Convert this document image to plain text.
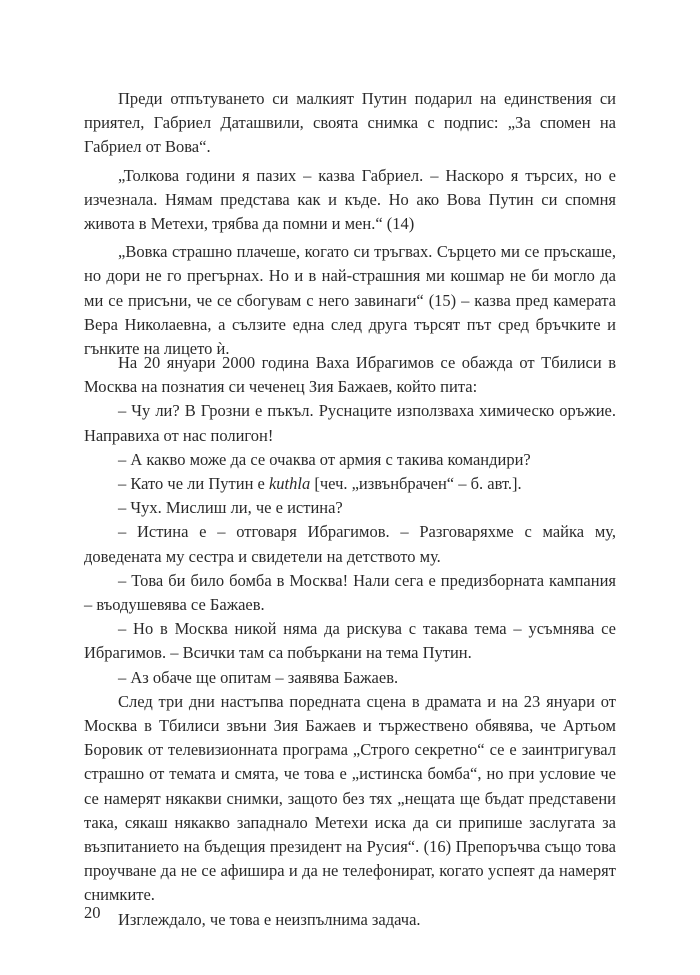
Преди отпътуването си малкият Путин подарил на единствения си приятел, Габриел Даташвили, своята снимка с подпис: „За спомен на Габриел от Вова“.

„Толкова години я пазих – казва Габриел. – Наскоро я търсих, но е изчезнала. Нямам представа как и къде. Но ако Вова Путин си спомня живота в Метехи, трябва да помни и мен.“ (14)

„Вовка страшно плачеше, когато си тръгвах. Сърцето ми се пръскаше, но дори не го прегърнах. Но и в най-страшния ми кошмар не би могло да ми се присъни, че се сбогувам с него завинаги“ (15) – казва пред камерата Вера Николаевна, а сълзите една след друга търсят път сред бръчките и гънките на лицето ѝ.

На 20 януари 2000 година Ваха Ибрагимов се обажда от Тбилиси в Москва на познатия си чеченец Зия Бажаев, който пита:

– Чу ли? В Грозни е пъкъл. Руснаците използваха химическо оръжие. Направиха от нас полигон!

– А какво може да се очаква от армия с такива командири?

– Като че ли Путин е kuthla [чеч. „извънбрачен“ – б. авт.].

– Чух. Мислиш ли, че е истина?

– Истина е – отговаря Ибрагимов. – Разговаряхме с майка му, доведената му сестра и свидетели на детството му.

– Това би било бомба в Москва! Нали сега е предизборната кампания – въодушевява се Бажаев.

– Но в Москва никой няма да рискува с такава тема – усъмнява се Ибрагимов. – Всички там са побъркани на тема Путин.

– Аз обаче ще опитам – заявява Бажаев.

След три дни настъпва поредната сцена в драмата и на 23 януари от Москва в Тбилиси звъни Зия Бажаев и тържествено обявява, че Артьом Боровик от телевизионната програма „Строго секретно“ се е заинтригувал страшно от темата и смята, че това е „истинска бомба“, но при условие че се намерят някакви снимки, защото без тях „нещата ще бъдат представени така, сякаш някакво западнало Метехи иска да си припише заслугата за възпитанието на бъдещия президент на Русия“. (16) Препоръчва също това проучване да не се афишира и да не телефонират, когато успеят да намерят снимките.

Изглеждало, че това е неизпълнима задача.

20
